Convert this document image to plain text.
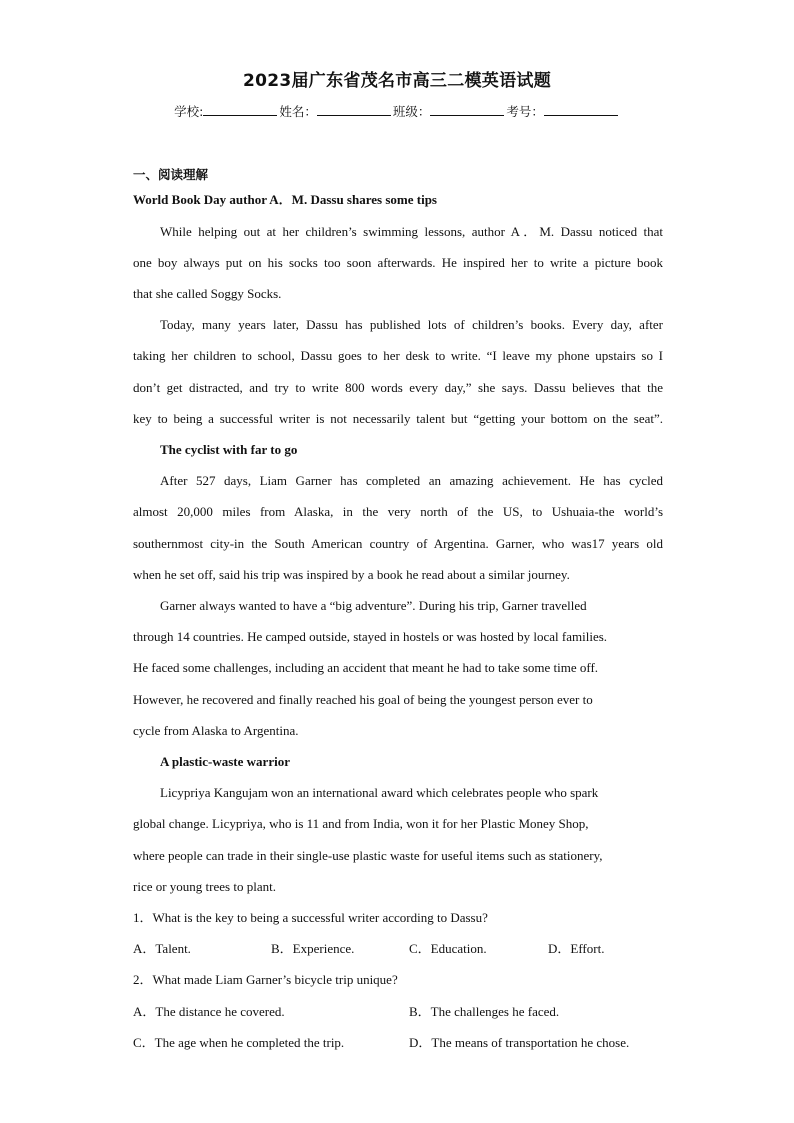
2023届广东省茂名市高三二模英语试题
学校:	姓名：	班级：	考号：
一、阅读理解
World Book Day author A．M. Dassu shares some tips
While helping out at her children’s swimming lessons, author A．M. Dassu noticed that
one boy always put on his socks too soon afterwards. He inspired her to write a picture book
that she called Soggy Socks.
Today, many years later, Dassu has published lots of children’s books. Every day, after
taking her children to school, Dassu goes to her desk to write. “I leave my phone upstairs so I
don’t get distracted, and try to write 800 words every day,” she says. Dassu believes that the
key to being a successful writer is not necessarily talent but “getting your bottom on the seat”.
The cyclist with far to go
After 527 days, Liam Garner has completed an amazing achievement. He has cycled
almost 20,000 miles from Alaska, in the very north of the US, to Ushuaia-the world’s
southernmost city-in the South American country of Argentina. Garner, who was17 years old
when he set off, said his trip was inspired by a book he read about a similar journey.
Garner always wanted to have a “big adventure”. During his trip, Garner travelled
through 14 countries. He camped outside, stayed in hostels or was hosted by local families.
He faced some challenges, including an accident that meant he had to take some time off.
However, he recovered and finally reached his goal of being the youngest person ever to
cycle from Alaska to Argentina.
A plastic-waste warrior
Licypriya Kangujam won an international award which celebrates people who spark
global change. Licypriya, who is 11 and from India, won it for her Plastic Money Shop,
where people can trade in their single-use plastic waste for useful items such as stationery,
rice or young trees to plant.
1．What is the key to being a successful writer according to Dassu?
A．Talent.	B．Experience.	C．Education.	D．Effort.
2．What made Liam Garner’s bicycle trip unique?
A．The distance he covered.	B．The challenges he faced.
C．The age when he completed the trip.	D．The means of transportation he chose.
